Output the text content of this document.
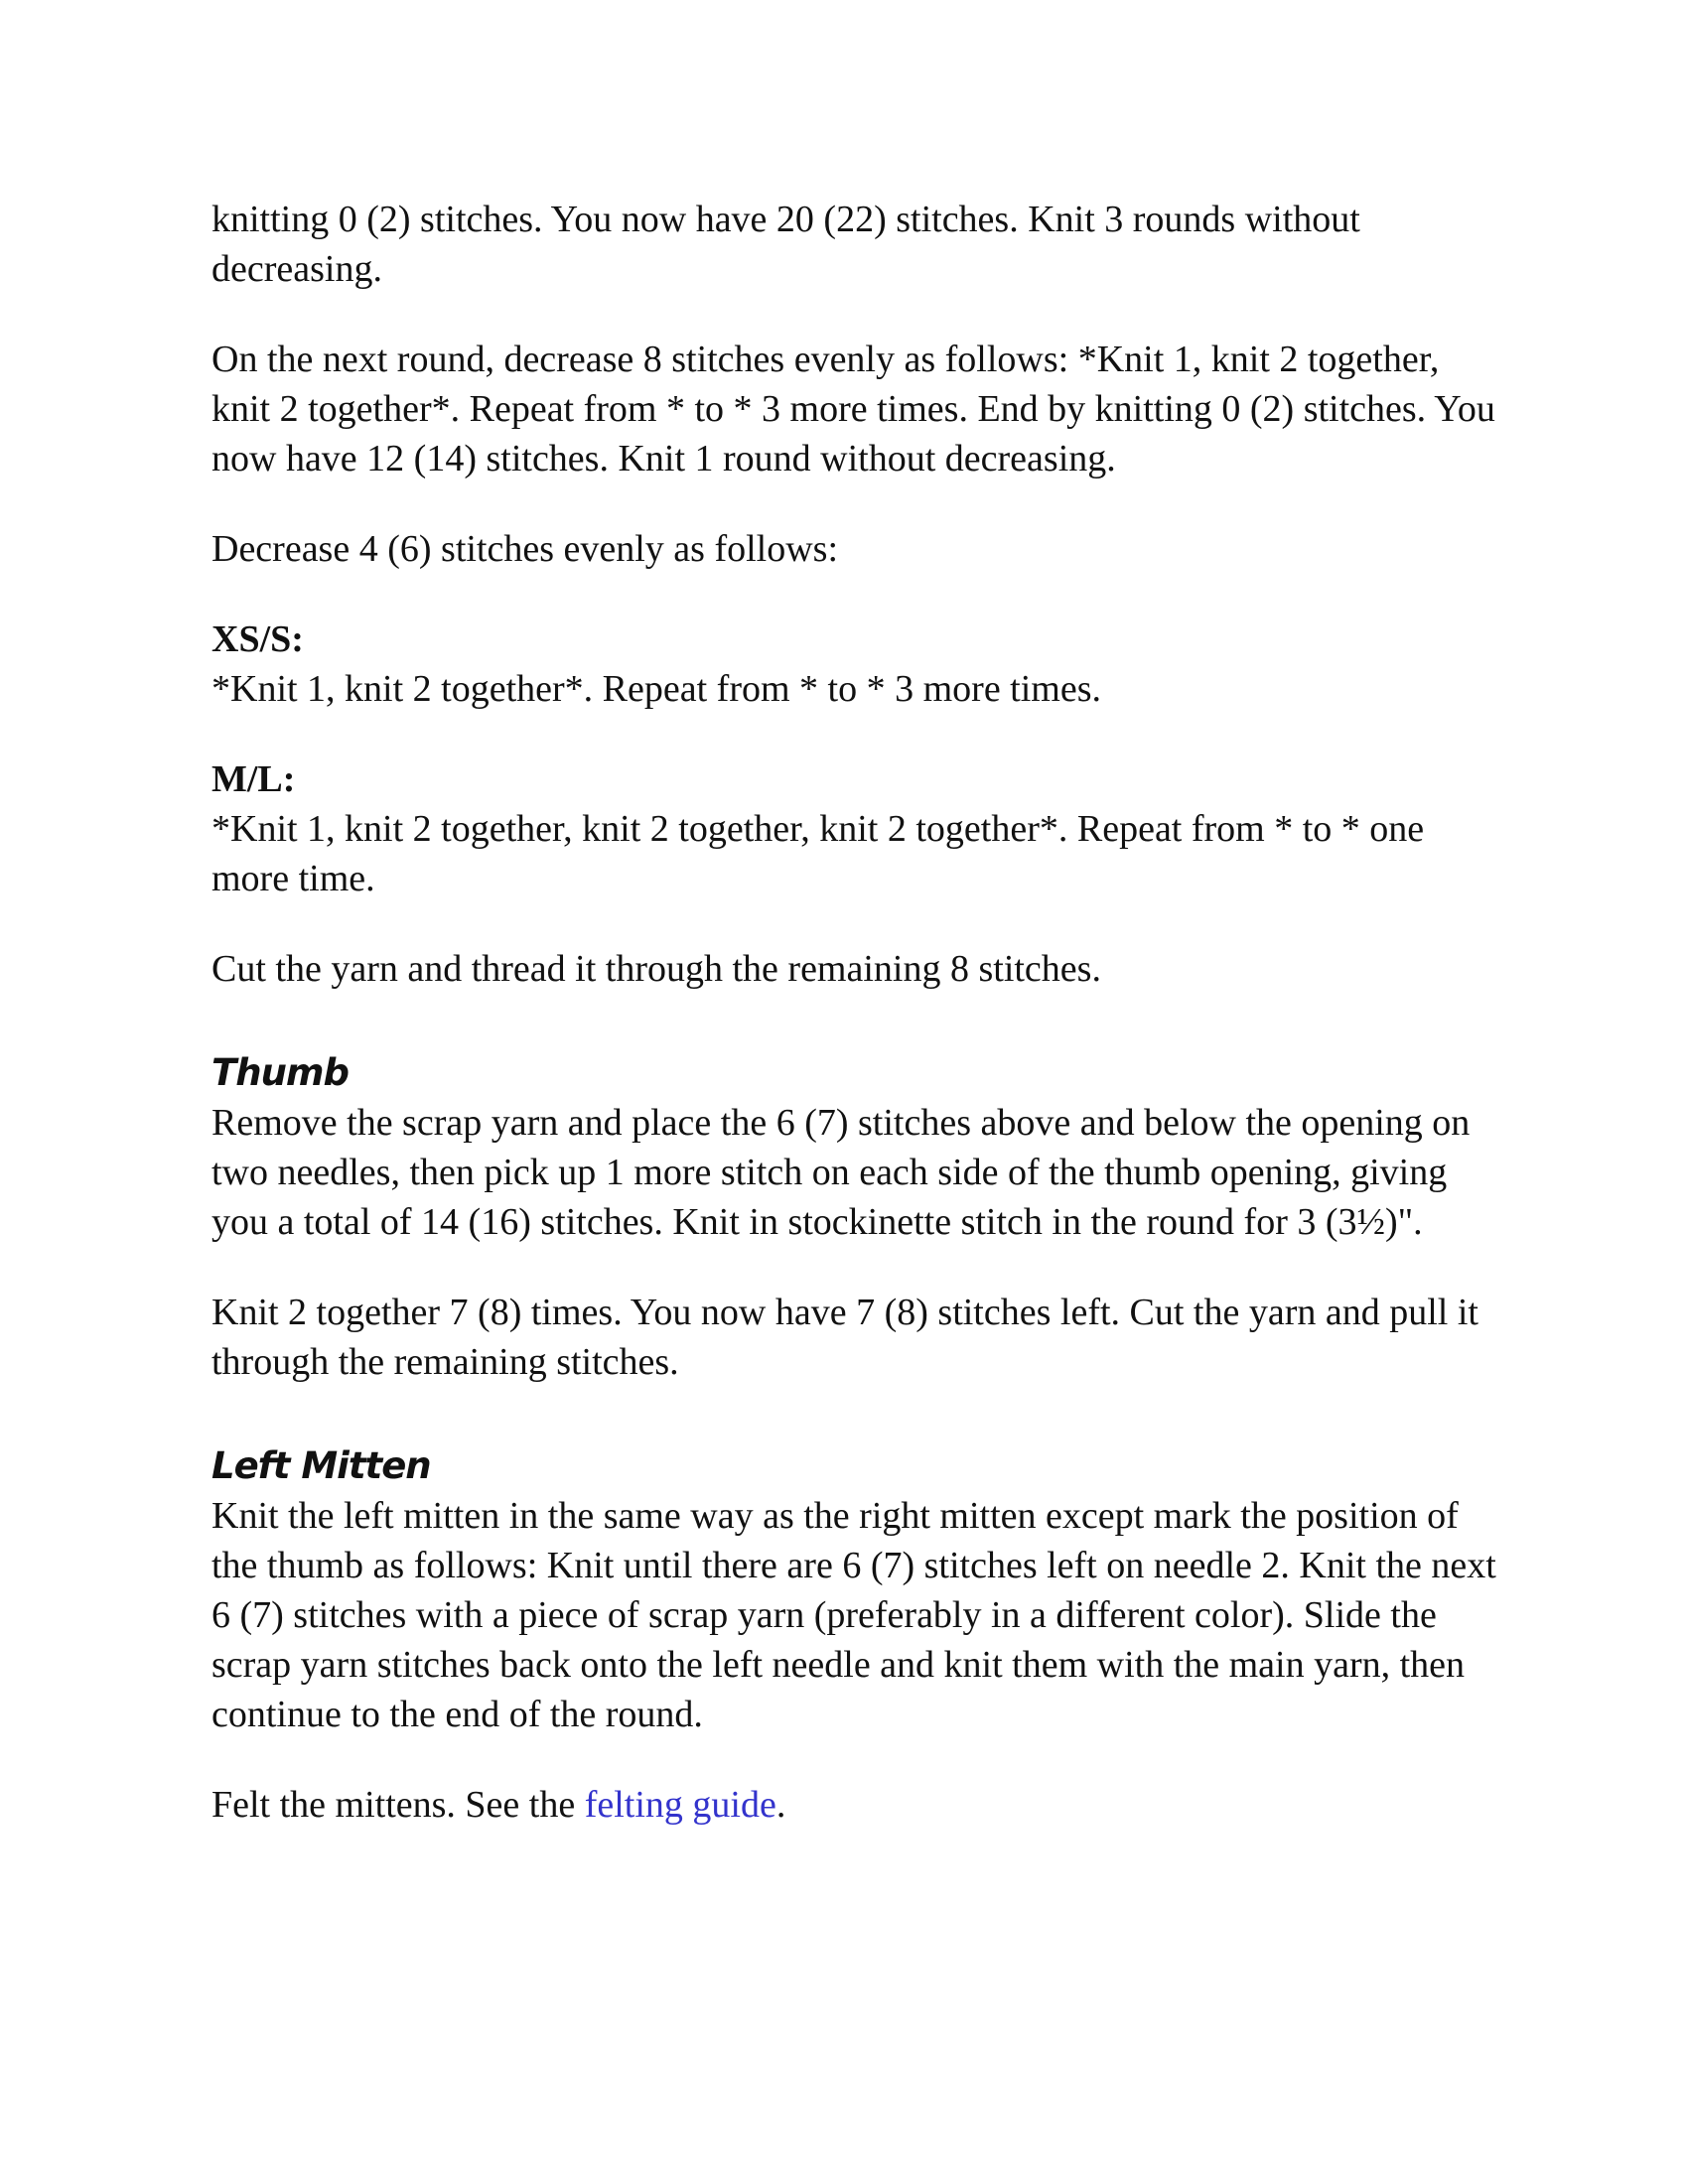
knitting 0 (2) stitches. You now have 20 (22) stitches. Knit 3 rounds without decreasing.

On the next round, decrease 8 stitches evenly as follows: *Knit 1, knit 2 together, knit 2 together*. Repeat from * to * 3 more times. End by knitting 0 (2) stitches. You now have 12 (14) stitches. Knit 1 round without decreasing.

Decrease 4 (6) stitches evenly as follows:

XS/S:
*Knit 1, knit 2 together*. Repeat from * to * 3 more times.
M/L:
*Knit 1, knit 2 together, knit 2 together, knit 2 together*. Repeat from * to * one more time.

Cut the yarn and thread it through the remaining 8 stitches.

Thumb

Remove the scrap yarn and place the 6 (7) stitches above and below the opening on two needles, then pick up 1 more stitch on each side of the thumb opening, giving you a total of 14 (16) stitches. Knit in stockinette stitch in the round for 3 (3½)".

Knit 2 together 7 (8) times. You now have 7 (8) stitches left. Cut the yarn and pull it through the remaining stitches.

Left Mitten

Knit the left mitten in the same way as the right mitten except mark the position of the thumb as follows: Knit until there are 6 (7) stitches left on needle 2. Knit the next 6 (7) stitches with a piece of scrap yarn (preferably in a different color). Slide the scrap yarn stitches back onto the left needle and knit them with the main yarn, then continue to the end of the round.

Felt the mittens. See the felting guide.
